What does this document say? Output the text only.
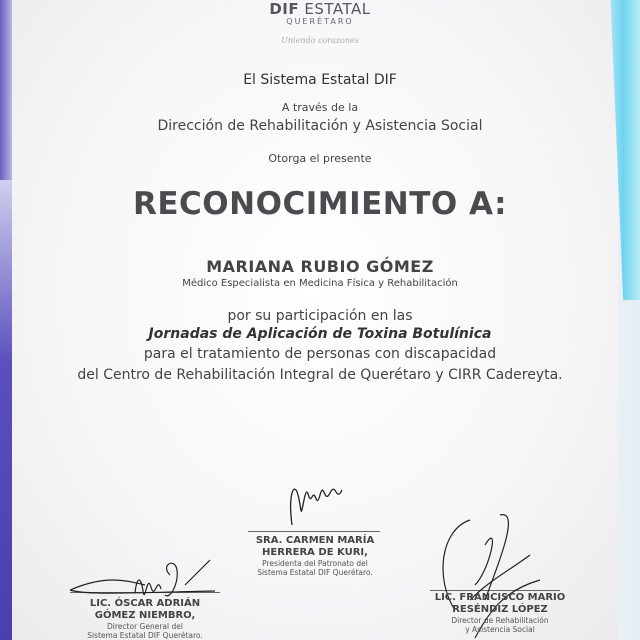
DIF ESTATAL
QUERÉTARO
Uniendo corazones
El Sistema Estatal DIF
A través de la
Dirección de Rehabilitación y Asistencia Social
Otorga el presente
RECONOCIMIENTO A:
MARIANA RUBIO GÓMEZ
Médico Especialista en Medicina Física y Rehabilitación
por su participación en las
Jornadas de Aplicación de Toxina Botulínica
para el tratamiento de personas con discapacidad
del Centro de Rehabilitación Integral de Querétaro y CIRR Cadereyta.
SRA. CARMEN MARÍA
HERRERA DE KURI,
Presidenta del Patronato del
Sistema Estatal DIF Querétaro.
LIC. ÓSCAR ADRIÁN
GÓMEZ NIEMBRO,
Director General del
Sistema Estatal DIF Querétaro.
LIC. FRANCISCO MARIO
RESÉNDIZ LÓPEZ
Director de Rehabilitación
y Asistencia Social
